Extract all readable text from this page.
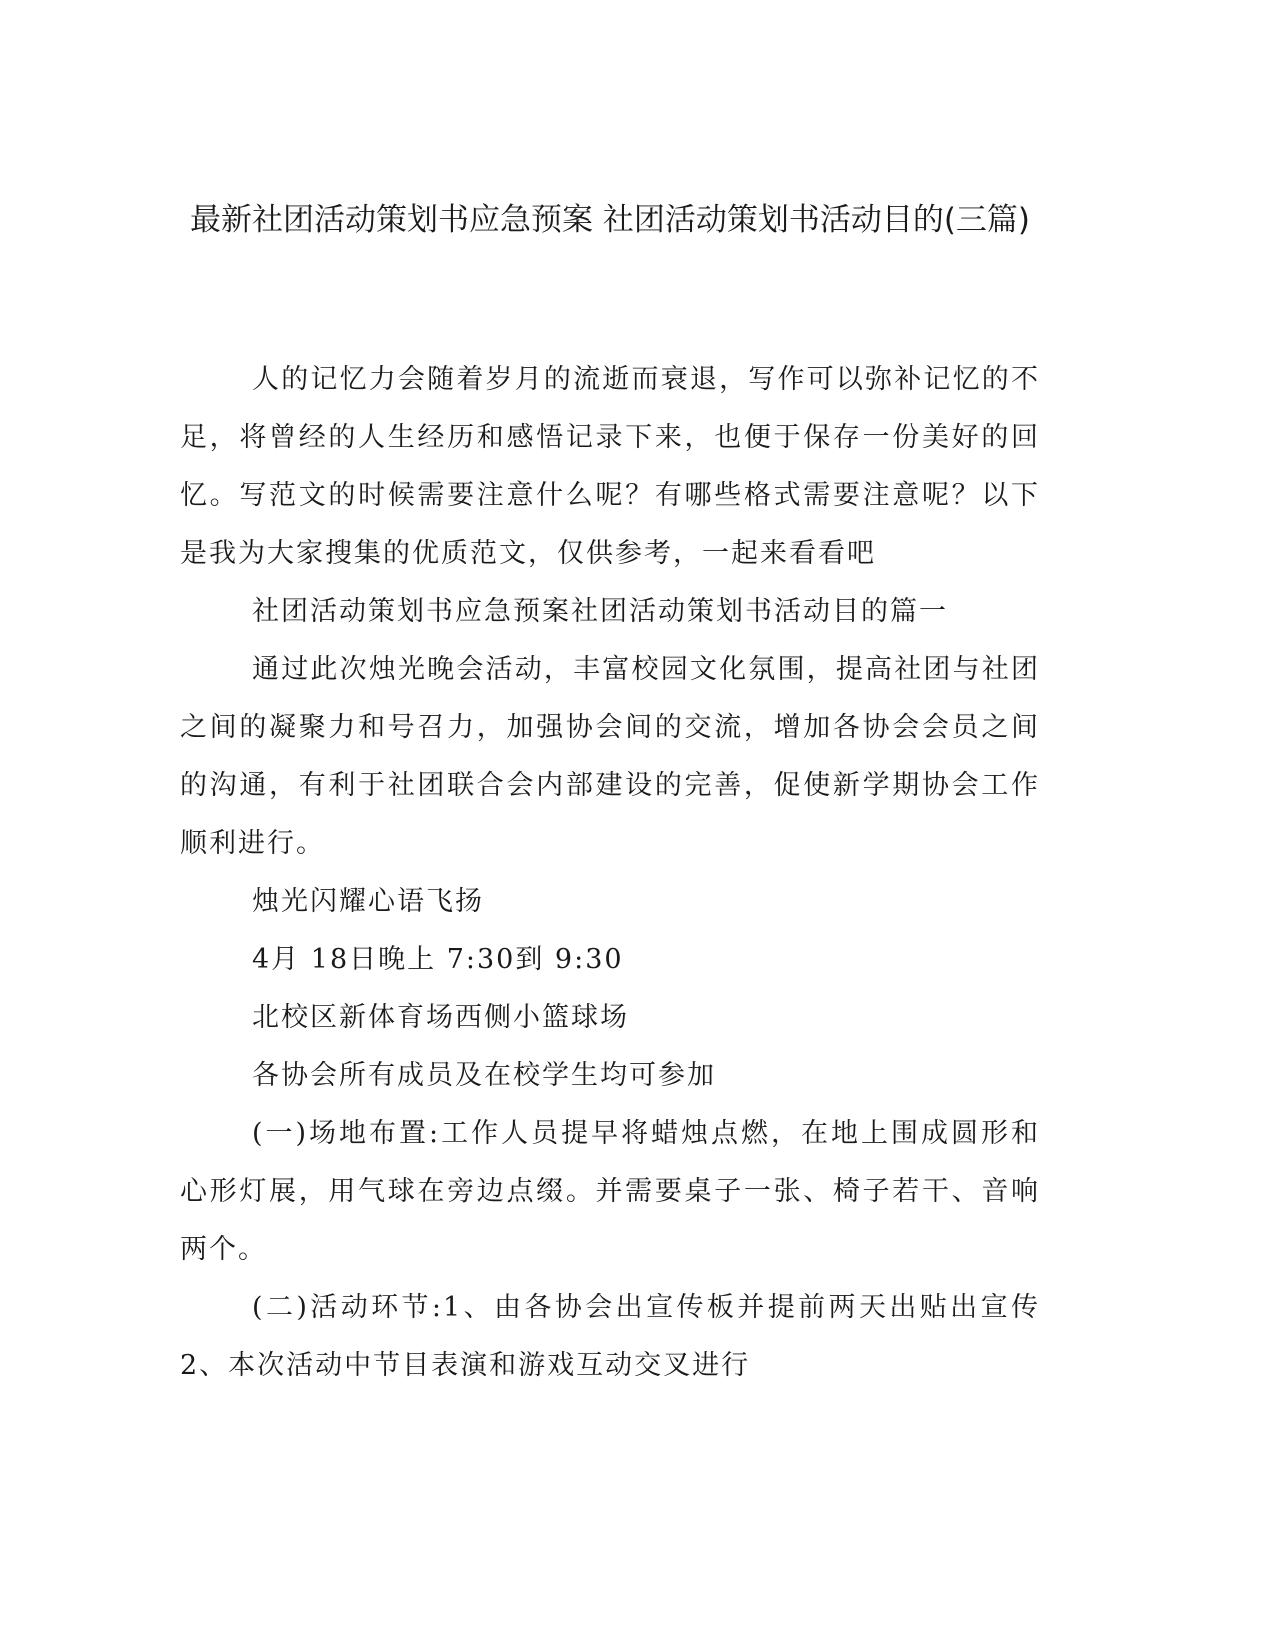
最新社团活动策划书应急预案 社团活动策划书活动目的(三篇)

人的记忆力会随着岁月的流逝而衰退，写作可以弥补记忆的不足，将曾经的人生经历和感悟记录下来，也便于保存一份美好的回忆。写范文的时候需要注意什么呢？有哪些格式需要注意呢？以下是我为大家搜集的优质范文，仅供参考，一起来看看吧

社团活动策划书应急预案社团活动策划书活动目的篇一

通过此次烛光晚会活动，丰富校园文化氛围，提高社团与社团之间的凝聚力和号召力，加强协会间的交流，增加各协会会员之间的沟通，有利于社团联合会内部建设的完善，促使新学期协会工作顺利进行。

烛光闪耀心语飞扬

4月 18日晚上 7:30到 9:30

北校区新体育场西侧小篮球场

各协会所有成员及在校学生均可参加

(一)场地布置:工作人员提早将蜡烛点燃，在地上围成圆形和心形灯展，用气球在旁边点缀。并需要桌子一张、椅子若干、音响两个。

(二)活动环节:1、由各协会出宣传板并提前两天出贴出宣传 2、本次活动中节目表演和游戏互动交叉进行
